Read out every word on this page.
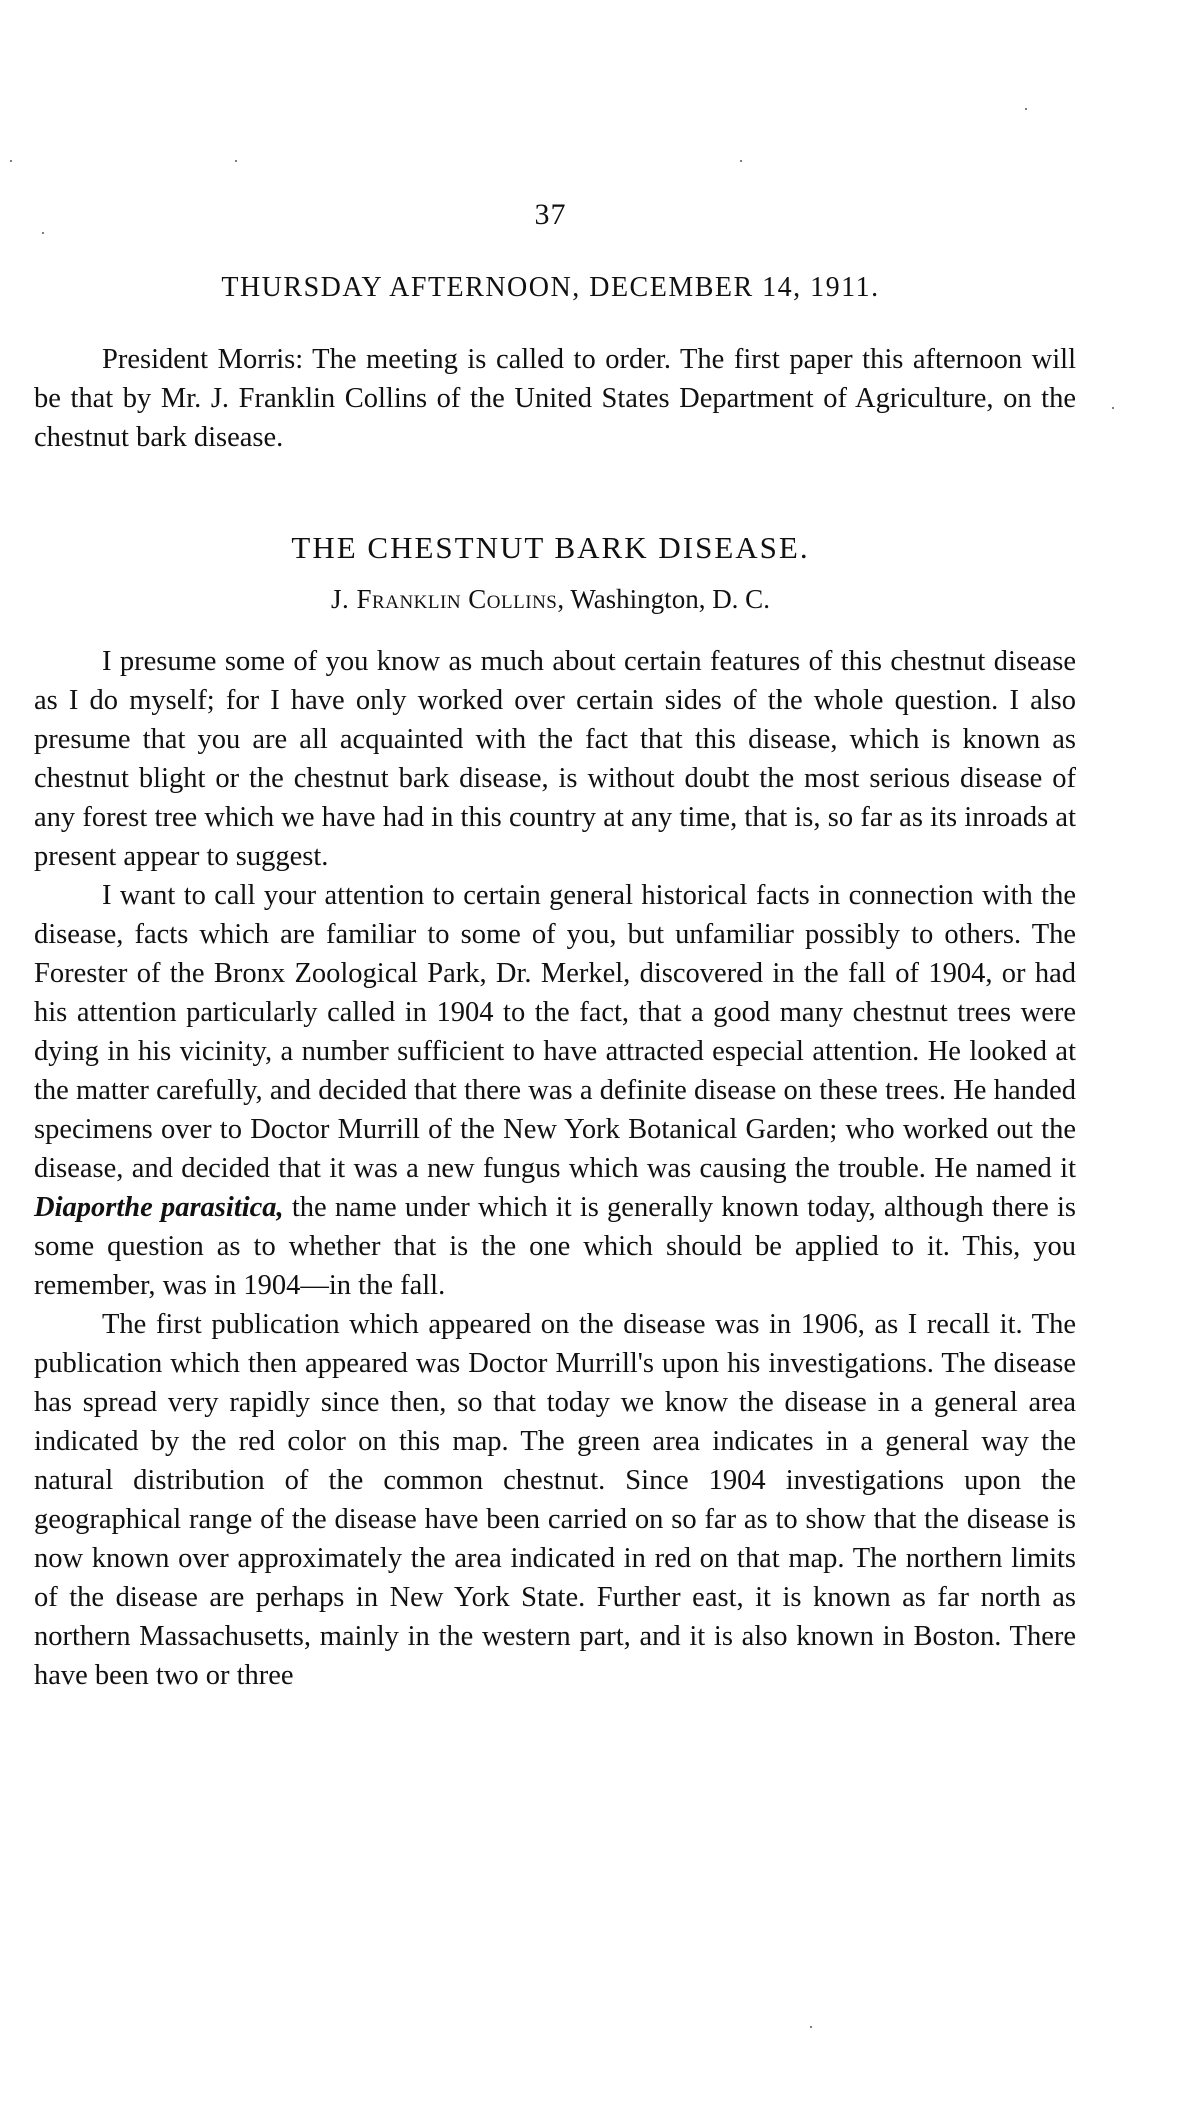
37
THURSDAY AFTERNOON, DECEMBER 14, 1911.

President Morris: The meeting is called to order. The first paper this afternoon will be that by Mr. J. Franklin Collins of the United States Department of Agriculture, on the chestnut bark disease.

THE CHESTNUT BARK DISEASE.
J. Franklin Collins, Washington, D. C.

I presume some of you know as much about certain features of this chestnut disease as I do myself; for I have only worked over certain sides of the whole question. I also presume that you are all acquainted with the fact that this disease, which is known as chestnut blight or the chestnut bark disease, is without doubt the most serious disease of any forest tree which we have had in this country at any time, that is, so far as its inroads at present appear to suggest.

I want to call your attention to certain general historical facts in connection with the disease, facts which are familiar to some of you, but unfamiliar possibly to others. The Forester of the Bronx Zoological Park, Dr. Merkel, discovered in the fall of 1904, or had his attention particularly called in 1904 to the fact, that a good many chestnut trees were dying in his vicinity, a number sufficient to have attracted especial attention. He looked at the matter carefully, and decided that there was a definite disease on these trees. He handed specimens over to Doctor Murrill of the New York Botanical Garden; who worked out the disease, and decided that it was a new fungus which was causing the trouble. He named it Diaporthe parasitica, the name under which it is generally known today, although there is some question as to whether that is the one which should be applied to it. This, you remember, was in 1904—in the fall.

The first publication which appeared on the disease was in 1906, as I recall it. The publication which then appeared was Doctor Murrill's upon his investigations. The disease has spread very rapidly since then, so that today we know the disease in a general area indicated by the red color on this map. The green area indicates in a general way the natural distribution of the common chestnut. Since 1904 investigations upon the geographical range of the disease have been carried on so far as to show that the disease is now known over approximately the area indicated in red on that map. The northern limits of the disease are perhaps in New York State. Further east, it is known as far north as northern Massachusetts, mainly in the western part, and it is also known in Boston. There have been two or three
